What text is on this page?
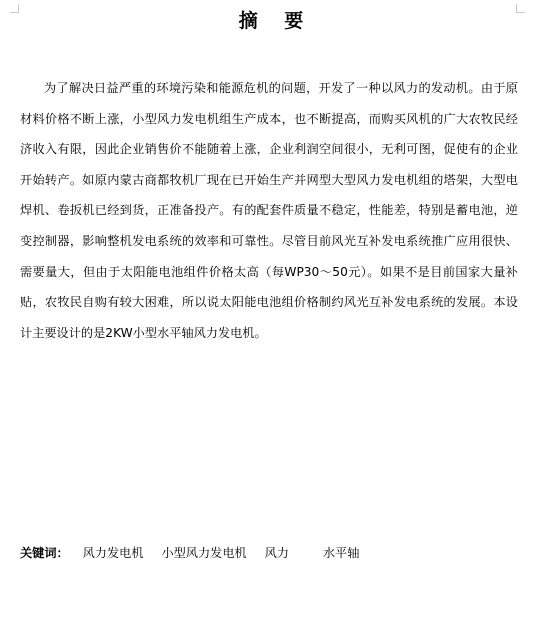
摘 要

为了解决日益严重的环境污染和能源危机的问题，开发了一种以风力的发动机。由于原材料价格不断上涨，小型风力发电机组生产成本，也不断提高，而购买风机的广大农牧民经济收入有限，因此企业销售价不能随着上涨，企业利润空间很小，无利可图，促使有的企业开始转产。如原内蒙古商都牧机厂现在已开始生产并网型大型风力发电机组的塔架，大型电焊机、卷扳机已经到货，正准备投产。有的配套件质量不稳定，性能差，特别是蓄电池，逆变控制器，影响整机发电系统的效率和可靠性。尽管目前风光互补发电系统推广应用很快、需要量大，但由于太阳能电池组件价格太高（每WP30～50元）。如果不是目前国家大量补贴，农牧民自购有较大困难，所以说太阳能电池组价格制约风光互补发电系统的发展。本设计主要设计的是2KW小型水平轴风力发电机。

关键词： 风力发电机 小型风力发电机 风力	水平轴
